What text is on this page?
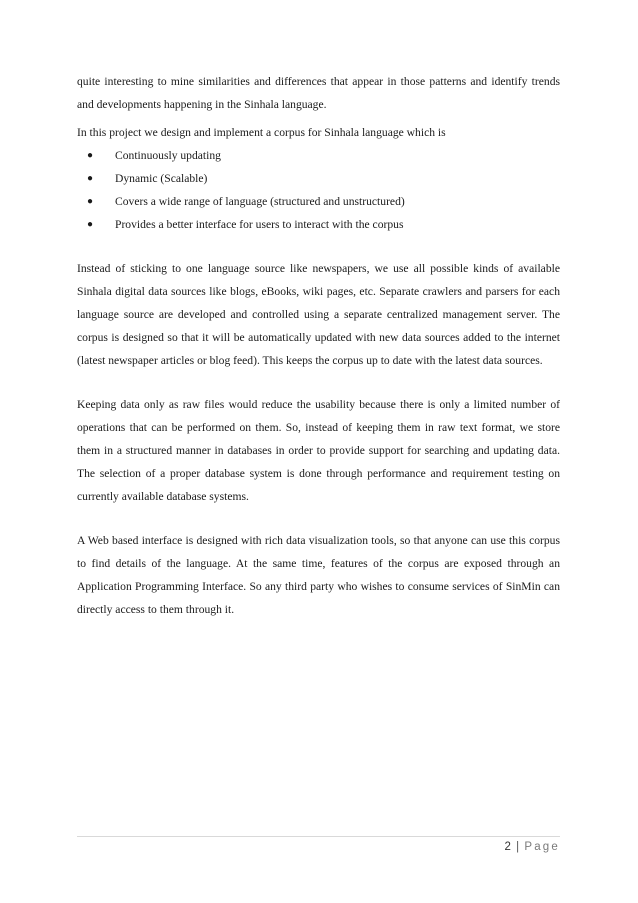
quite interesting to mine similarities and differences that appear in those patterns and identify trends and developments happening in the Sinhala language.

In this project we design and implement a corpus for Sinhala language which is

● Continuously updating
● Dynamic (Scalable)
● Covers a wide range of language (structured and unstructured)
● Provides a better interface for users to interact with the corpus

Instead of sticking to one language source like newspapers, we use all possible kinds of available Sinhala digital data sources like blogs, eBooks, wiki pages, etc. Separate crawlers and parsers for each language source are developed and controlled using a separate centralized management server. The corpus is designed so that it will be automatically updated with new data sources added to the internet (latest newspaper articles or blog feed). This keeps the corpus up to date with the latest data sources.

Keeping data only as raw files would reduce the usability because there is only a limited number of operations that can be performed on them. So, instead of keeping them in raw text format, we store them in a structured manner in databases in order to provide support for searching and updating data. The selection of a proper database system is done through performance and requirement testing on currently available database systems.

A Web based interface is designed with rich data visualization tools, so that anyone can use this corpus to find details of the language. At the same time, features of the corpus are exposed through an Application Programming Interface. So any third party who wishes to consume services of SinMin can directly access to them through it.

2 | Page
